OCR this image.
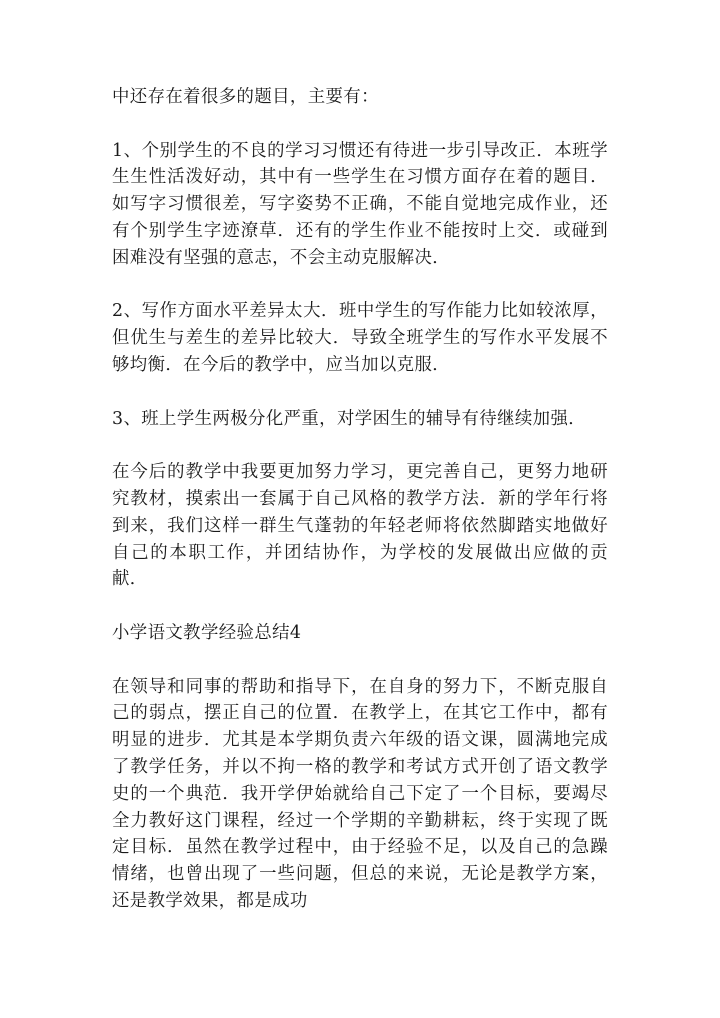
中还存在着很多的题目，主要有：

1、个别学生的不良的学习习惯还有待进一步引导改正．本班学生生性活泼好动，其中有一些学生在习惯方面存在着的题目．如写字习惯很差，写字姿势不正确，不能自觉地完成作业，还有个别学生字迹潦草．还有的学生作业不能按时上交．或碰到困难没有坚强的意志，不会主动克服解决．

2、写作方面水平差异太大．班中学生的写作能力比如较浓厚，但优生与差生的差异比较大．导致全班学生的写作水平发展不够均衡．在今后的教学中，应当加以克服．

3、班上学生两极分化严重，对学困生的辅导有待继续加强．

在今后的教学中我要更加努力学习，更完善自己，更努力地研究教材，摸索出一套属于自己风格的教学方法．新的学年行将到来，我们这样一群生气蓬勃的年轻老师将依然脚踏实地做好自己的本职工作，并团结协作，为学校的发展做出应做的贡献．

小学语文教学经验总结4

在领导和同事的帮助和指导下，在自身的努力下，不断克服自己的弱点，摆正自己的位置．在教学上，在其它工作中，都有明显的进步．尤其是本学期负责六年级的语文课，圆满地完成了教学任务，并以不拘一格的教学和考试方式开创了语文教学史的一个典范．我开学伊始就给自己下定了一个目标，要竭尽全力教好这门课程，经过一个学期的辛勤耕耘，终于实现了既定目标．虽然在教学过程中，由于经验不足，以及自己的急躁情绪，也曾出现了一些问题，但总的来说，无论是教学方案，还是教学效果，都是成功
